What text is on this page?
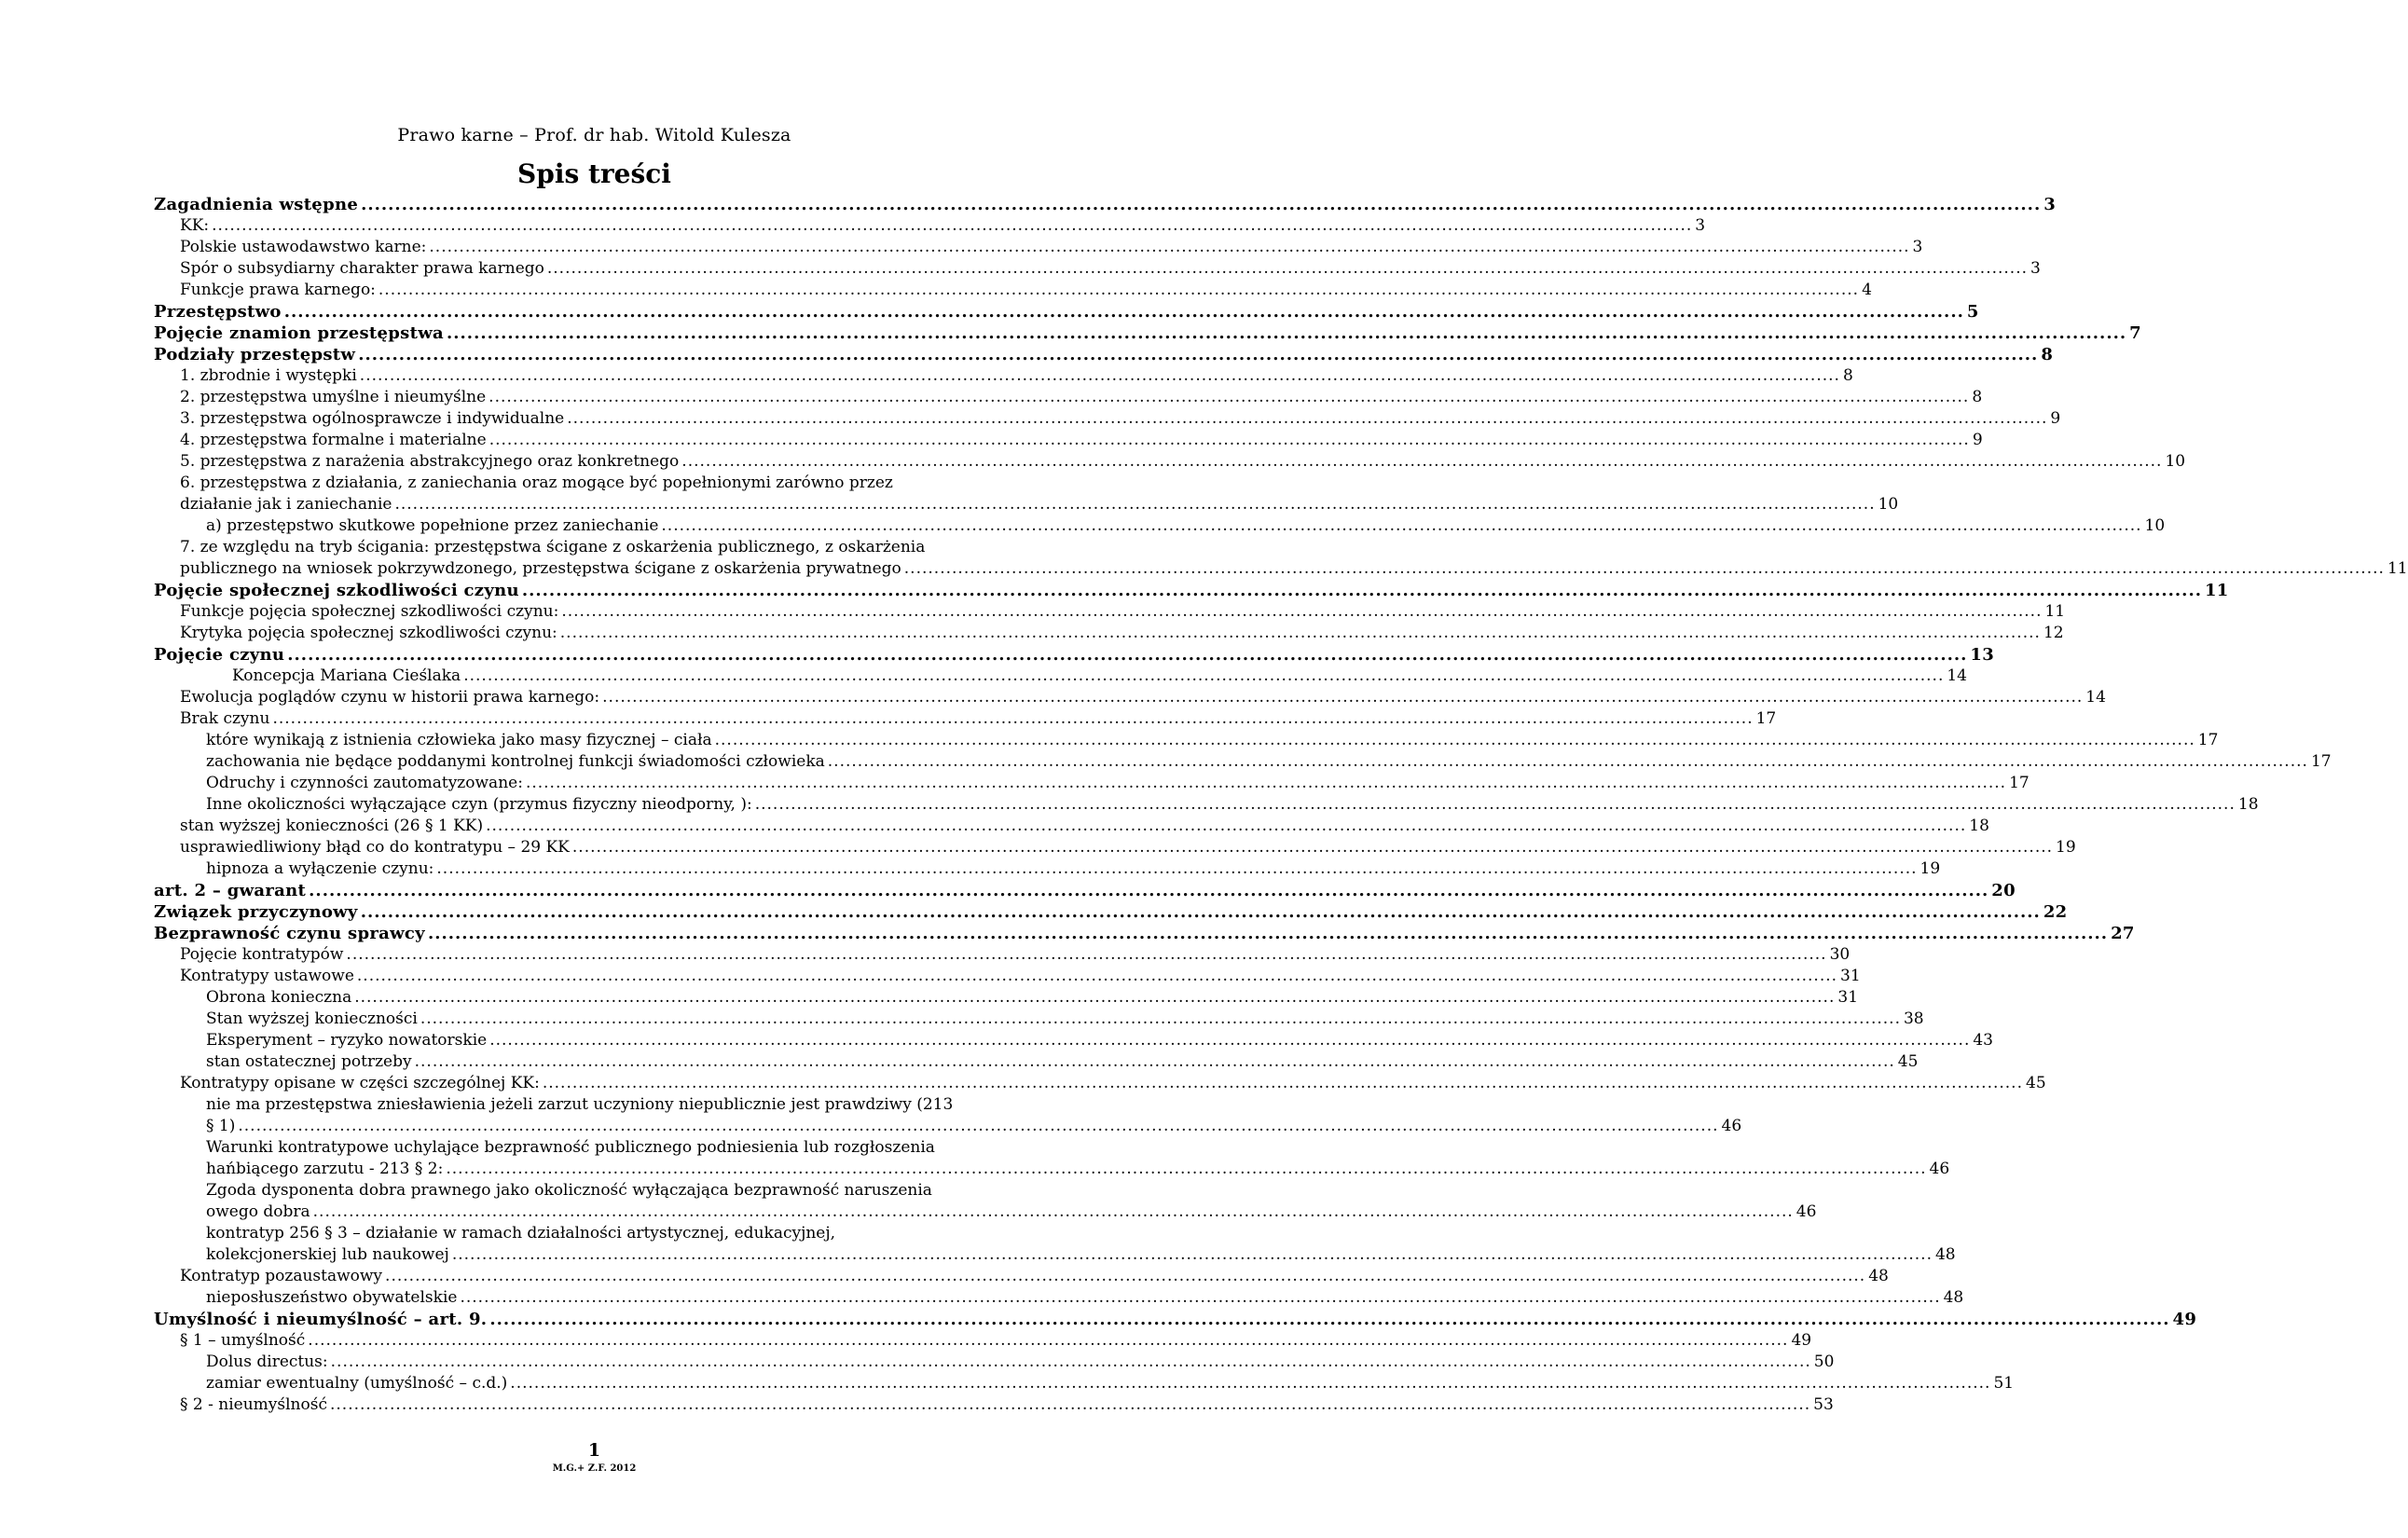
Prawo karne – Prof. dr hab. Witold Kulesza
Spis treści
Zagadnienia wstępne .....	3
KK: .....	3
Polskie ustawodawstwo karne: .....	3
Spór o subsydiarny charakter prawa karnego .....	3
Funkcje prawa karnego: .....	4
Przestępstwo .....	5
Pojęcie znamion przestępstwa .....	7
Podziały przestępstw .....	8
1. zbrodnie i występki .....	8
2. przestępstwa umyślne i nieumyślne .....	8
3. przestępstwa ogólnosprawcze i indywidualne .....	9
4. przestępstwa formalne i materialne .....	9
5. przestępstwa z narażenia abstrakcyjnego oraz konkretnego .....	10
6. przestępstwa z działania, z zaniechania oraz mogące być popełnionymi zarówno przez
działanie jak i zaniechanie .....	10
a) przestępstwo skutkowe popełnione przez zaniechanie .....	10
7. ze względu na tryb ścigania: przestępstwa ścigane z oskarżenia publicznego, z oskarżenia
publicznego na wniosek pokrzywdzonego, przestępstwa ścigane z oskarżenia prywatnego .....	11
Pojęcie społecznej szkodliwości czynu .....	11
Funkcje pojęcia społecznej szkodliwości czynu: .....	11
Krytyka pojęcia społecznej szkodliwości czynu: .....	12
Pojęcie czynu .....	13
Koncepcja Mariana Cieślaka .....	14
Ewolucja poglądów czynu w historii prawa karnego: .....	14
Brak czynu .....	17
które wynikają z istnienia człowieka jako masy fizycznej – ciała .....	17
zachowania nie będące poddanymi kontrolnej funkcji świadomości człowieka .....	17
Odruchy i czynności zautomatyzowane: .....	17
Inne okoliczności wyłączające czyn (przymus fizyczny nieodporny, ): .....	18
stan wyższej konieczności (26 § 1 KK) .....	18
usprawiedliwiony błąd co do kontratypu – 29 KK .....	19
hipnoza a wyłączenie czynu: .....	19
art. 2 – gwarant .....	20
Związek przyczynowy .....	22
Bezprawność czynu sprawcy .....	27
Pojęcie kontratypów .....	30
Kontratypy ustawowe .....	31
Obrona konieczna .....	31
Stan wyższej konieczności .....	38
Eksperyment – ryzyko nowatorskie .....	43
stan ostatecznej potrzeby .....	45
Kontratypy opisane w części szczególnej KK: .....	45
nie ma przestępstwa zniesławienia jeżeli zarzut uczyniony niepublicznie jest prawdziwy (213
§ 1) .....	46
Warunki kontratypowe uchylające bezprawność publicznego podniesienia lub rozgłoszenia
hańbiącego zarzutu - 213 § 2: .....	46
Zgoda dysponenta dobra prawnego jako okoliczność wyłączająca bezprawność naruszenia
owego dobra .....	46
kontratyp 256 § 3 – działanie w ramach działalności artystycznej, edukacyjnej,
kolekcjonerskiej lub naukowej .....	48
Kontratyp pozaustawowy .....	48
nieposłuszeństwo obywatelskie .....	48
Umyślność i nieumyślność – art. 9. .....	49
§ 1 – umyślność .....	49
Dolus directus: .....	50
zamiar ewentualny (umyślność – c.d.) .....	51
§ 2 - nieumyślność .....	53
1
M.G.+ Z.F. 2012
